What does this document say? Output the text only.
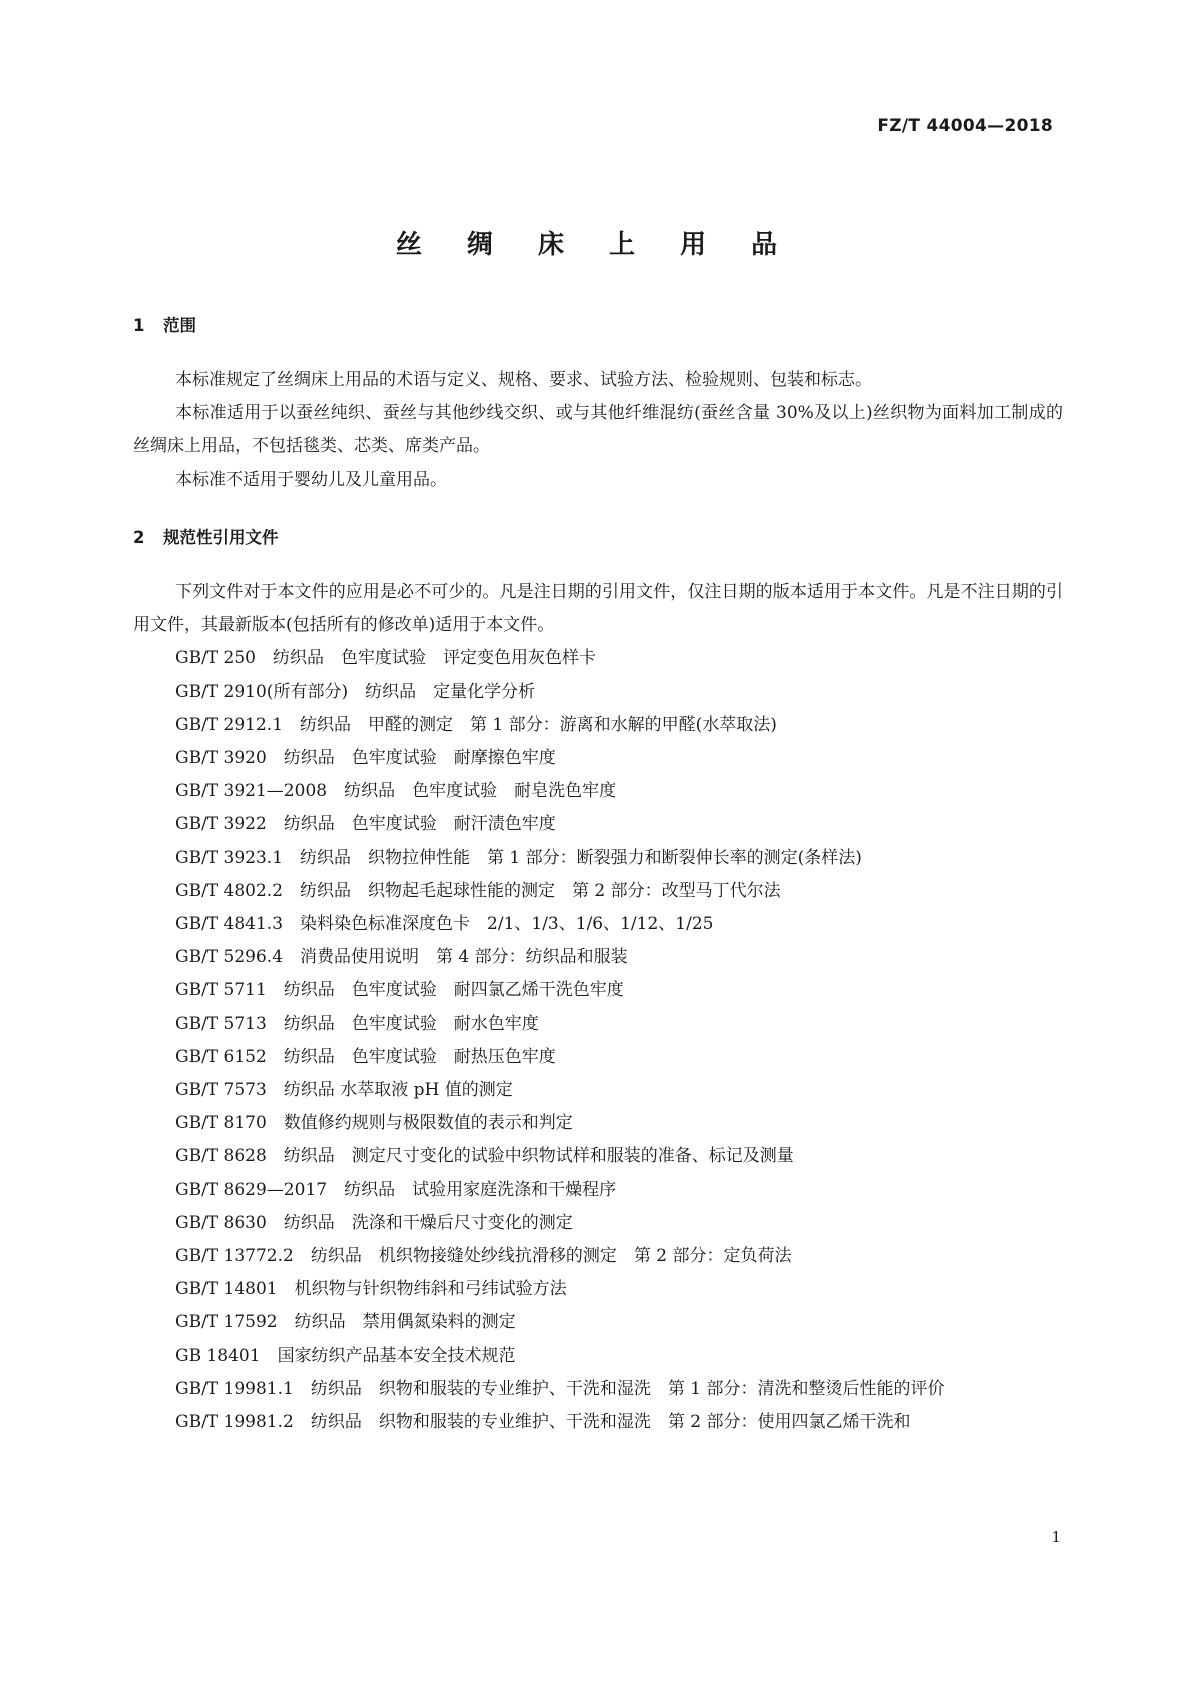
FZ/T 44004—2018
丝 绸 床 上 用 品
1 范围

本标准规定了丝绸床上用品的术语与定义、规格、要求、试验方法、检验规则、包装和标志。

本标准适用于以蚕丝纯织、蚕丝与其他纱线交织、或与其他纤维混纺(蚕丝含量 30%及以上)丝织物为面料加工制成的丝绸床上用品，不包括毯类、芯类、席类产品。

本标准不适用于婴幼儿及儿童用品。

2 规范性引用文件

下列文件对于本文件的应用是必不可少的。凡是注日期的引用文件，仅注日期的版本适用于本文件。凡是不注日期的引用文件，其最新版本(包括所有的修改单)适用于本文件。

GB/T 250　 纺织品　色牢度试验　评定变色用灰色样卡

GB/T 2910(所有部分)　 纺织品　定量化学分析

GB/T 2912.1　 纺织品　甲醛的测定　第 1 部分：游离和水解的甲醛(水萃取法)

GB/T 3920　 纺织品　色牢度试验　耐摩擦色牢度

GB/T 3921—2008　 纺织品　色牢度试验　耐皂洗色牢度

GB/T 3922　 纺织品　色牢度试验　耐汗渍色牢度

GB/T 3923.1　 纺织品　织物拉伸性能　第 1 部分：断裂强力和断裂伸长率的测定(条样法)

GB/T 4802.2　 纺织品　织物起毛起球性能的测定　第 2 部分：改型马丁代尔法

GB/T 4841.3　 染料染色标准深度色卡　2/1、1/3、1/6、1/12、1/25

GB/T 5296.4　 消费品使用说明　第 4 部分：纺织品和服装

GB/T 5711　 纺织品　色牢度试验　耐四氯乙烯干洗色牢度

GB/T 5713　 纺织品　色牢度试验　耐水色牢度

GB/T 6152　 纺织品　色牢度试验　耐热压色牢度

GB/T 7573　 纺织品 水萃取液 pH 值的测定

GB/T 8170　 数值修约规则与极限数值的表示和判定

GB/T 8628　 纺织品　测定尺寸变化的试验中织物试样和服装的准备、标记及测量

GB/T 8629—2017　 纺织品　试验用家庭洗涤和干燥程序

GB/T 8630　 纺织品　洗涤和干燥后尺寸变化的测定

GB/T 13772.2　 纺织品　机织物接缝处纱线抗滑移的测定　第 2 部分：定负荷法

GB/T 14801　 机织物与针织物纬斜和弓纬试验方法

GB/T 17592　 纺织品　禁用偶氮染料的测定

GB 18401　 国家纺织产品基本安全技术规范

GB/T 19981.1　 纺织品　织物和服装的专业维护、干洗和湿洗　第 1 部分：清洗和整烫后性能的评价

GB/T 19981.2　 纺织品　织物和服装的专业维护、干洗和湿洗　第 2 部分：使用四氯乙烯干洗和

1
